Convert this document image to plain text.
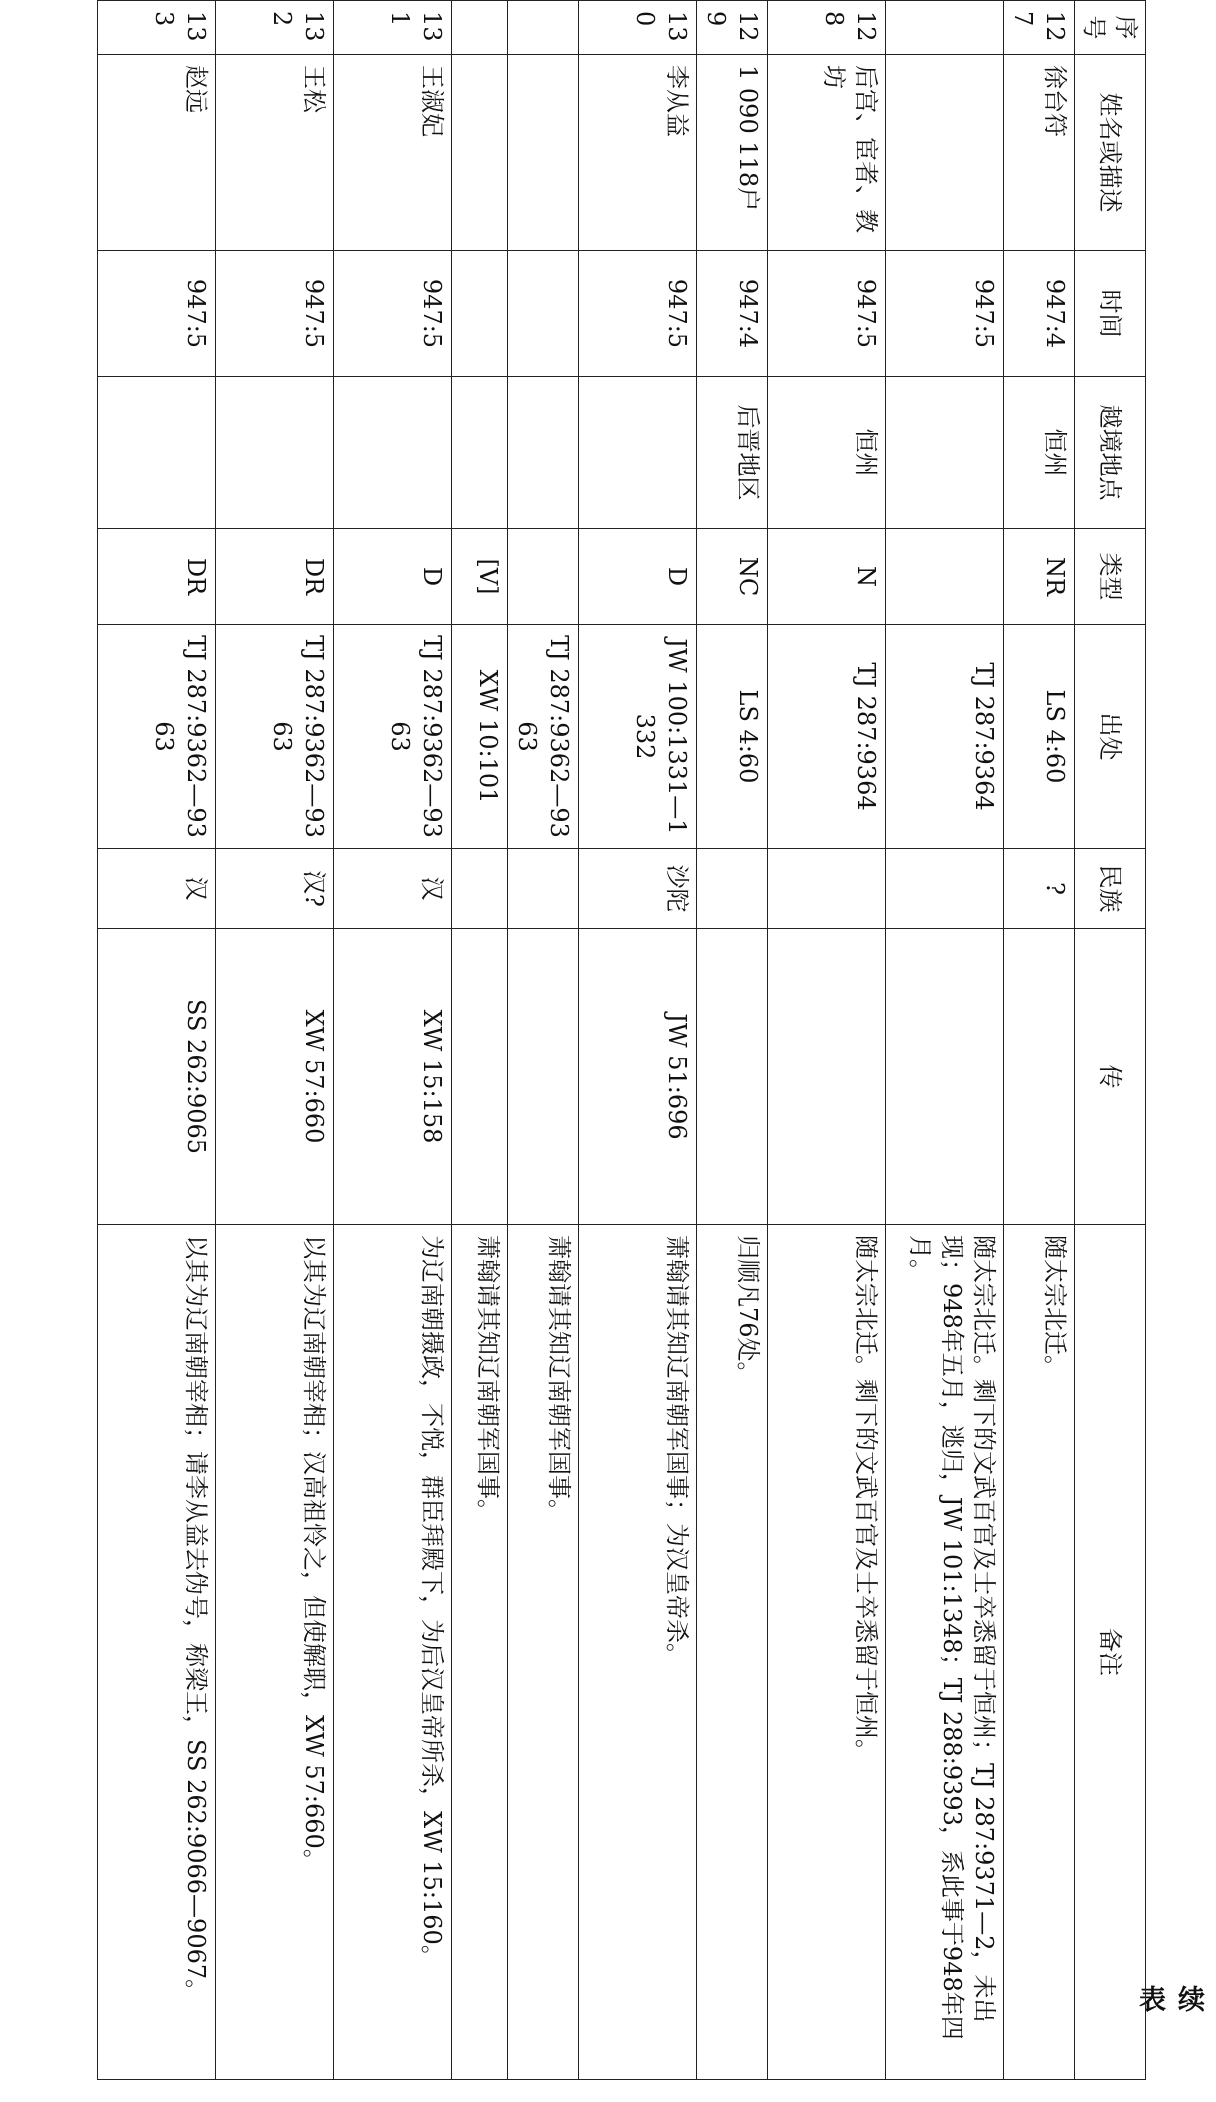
续　表
序号	姓名或描述	时间	越境地点	类型	出处	民族	传	备注
127	徐台符	947:4	恒州	NR	LS 4:60	?		随太宗北迁。
		947:5			TJ 287:9364			随太宗北迁。剩下的文武百官及士卒悉留于恒州；TJ 287:9371—2，未出现；948年五月，逃归，JW 101:1348；TJ 288:9393，系此事于948年四月。
128	后宫、宦者、教坊	947:5	恒州	N	TJ 287:9364			随太宗北迁。剩下的文武百官及士卒悉留于恒州。
129	1 090 118户	947:4	后晋地区	NC	LS 4:60			归顺凡76处。
130	李从益	947:5		D	JW 100:1331—1332	沙陀	JW 51:696	萧翰请其知辽南朝军国事；为汉皇帝杀。
					TJ 287:9362—9363			萧翰请其知辽南朝军国事。
				[V]	XW 10:101			萧翰请其知辽南朝军国事。
131	王淑妃	947:5		D	TJ 287:9362—9363	汉	XW 15:158	为辽南朝摄政，不悦，群臣拜殿下，为后汉皇帝所杀，XW 15:160。
132	王松	947:5		DR	TJ 287:9362—9363	汉?	XW 57:660	以其为辽南朝宰相；汉高祖怜之，但使解职，XW 57:660。
133	赵远	947:5		DR	TJ 287:9362—9363	汉	SS 262:9065	以其为辽南朝宰相；请李从益去伪号，称梁王，SS 262:9066—9067。
